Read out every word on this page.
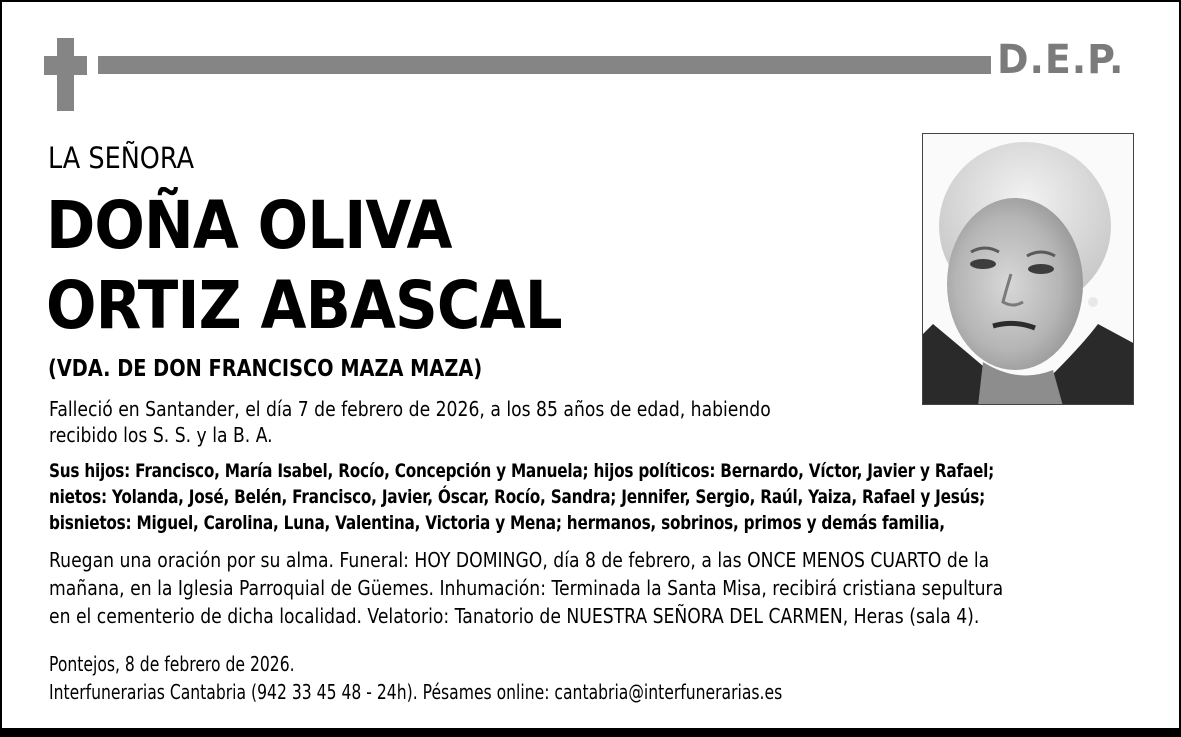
D.E.P.
LA SEÑORA
DOÑA OLIVA
ORTIZ ABASCAL
(VDA. DE DON FRANCISCO MAZA MAZA)
Falleció en Santander, el día 7 de febrero de 2026, a los 85 años de edad, habiendo
recibido los S. S. y la B. A.
Sus hijos: Francisco, María Isabel, Rocío, Concepción y Manuela; hijos políticos: Bernardo, Víctor, Javier y Rafael;
nietos: Yolanda, José, Belén, Francisco, Javier, Óscar, Rocío, Sandra; Jennifer, Sergio, Raúl, Yaiza, Rafael y Jesús;
bisnietos: Miguel, Carolina, Luna, Valentina, Victoria y Mena; hermanos, sobrinos, primos y demás familia,
Ruegan una oración por su alma. Funeral: HOY DOMINGO, día 8 de febrero, a las ONCE MENOS CUARTO de la
mañana, en la Iglesia Parroquial de Güemes. Inhumación: Terminada la Santa Misa, recibirá cristiana sepultura
en el cementerio de dicha localidad. Velatorio: Tanatorio de NUESTRA SEÑORA DEL CARMEN, Heras (sala 4).
Pontejos, 8 de febrero de 2026.
Interfunerarias Cantabria (942 33 45 48 - 24h). Pésames online: cantabria@interfunerarias.es
